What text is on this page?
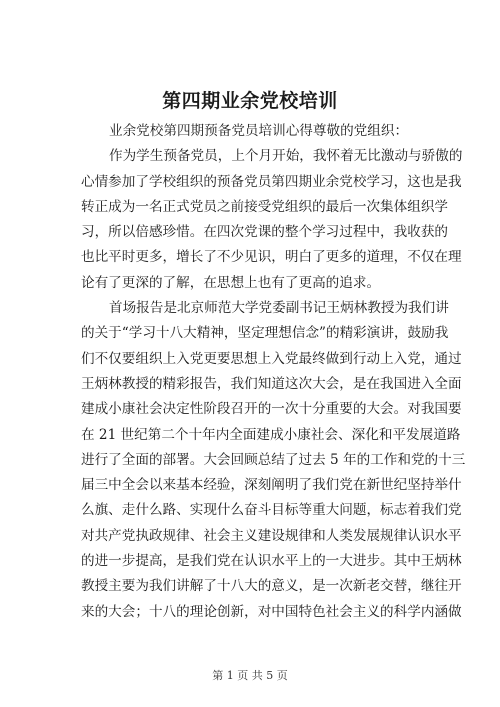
第四期业余党校培训
业余党校第四期预备党员培训心得尊敬的党组织：
作为学生预备党员，上个月开始，我怀着无比激动与骄傲的
心情参加了学校组织的预备党员第四期业余党校学习，这也是我
转正成为一名正式党员之前接受党组织的最后一次集体组织学
习，所以倍感珍惜。在四次党课的整个学习过程中，我收获的
也比平时更多，增长了不少见识，明白了更多的道理，不仅在理
论有了更深的了解，在思想上也有了更高的追求。
首场报告是北京师范大学党委副书记王炳林教授为我们讲
的关于“学习十八大精神，坚定理想信念”的精彩演讲，鼓励我
们不仅要组织上入党更要思想上入党最终做到行动上入党，通过
王炳林教授的精彩报告，我们知道这次大会，是在我国进入全面
建成小康社会决定性阶段召开的一次十分重要的大会。对我国要
在 21 世纪第二个十年内全面建成小康社会、深化和平发展道路
进行了全面的部署。大会回顾总结了过去 5 年的工作和党的十三
届三中全会以来基本经验，深刻阐明了我们党在新世纪坚持举什
么旗、走什么路、实现什么奋斗目标等重大问题，标志着我们党
对共产党执政规律、社会主义建设规律和人类发展规律认识水平
的进一步提高，是我们党在认识水平上的一大进步。其中王炳林
教授主要为我们讲解了十八大的意义，是一次新老交替，继往开
来的大会；十八的理论创新，对中国特色社会主义的科学内涵做
第 1 页 共 5 页
